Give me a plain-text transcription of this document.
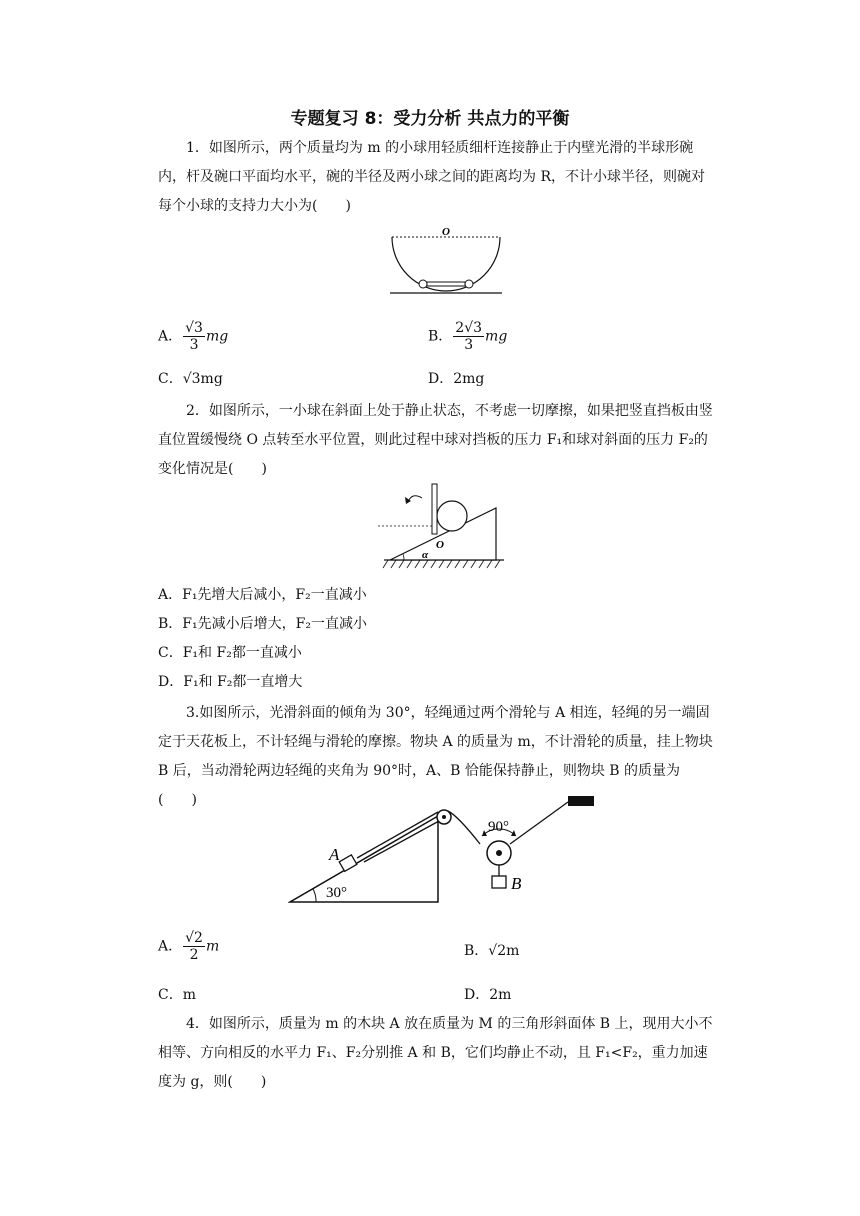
专题复习 8：受力分析 共点力的平衡

1．如图所示，两个质量均为 m 的小球用轻质细杆连接静止于内壁光滑的半球形碗内，杆及碗口平面均水平，碗的半径及两小球之间的距离均为 R，不计小球半径，则碗对每个小球的支持力大小为(　　)

O
A． $\frac{√3}{3}$ mg	B． $\frac{2√3}{3}$ mg
C．√3mg	D．2mg

2．如图所示，一小球在斜面上处于静止状态，不考虑一切摩擦，如果把竖直挡板由竖直位置缓慢绕 O 点转至水平位置，则此过程中球对挡板的压力 F₁和球对斜面的压力 F₂的变化情况是(　　)

O
α
A．F₁先增大后减小，F₂一直减小
B．F₁先减小后增大，F₂一直减小
C．F₁和 F₂都一直减小
D．F₁和 F₂都一直增大

3.如图所示，光滑斜面的倾角为 30°，轻绳通过两个滑轮与 A 相连，轻绳的另一端固定于天花板上，不计轻绳与滑轮的摩擦。物块 A 的质量为 m，不计滑轮的质量，挂上物块 B 后，当动滑轮两边轻绳的夹角为 90°时，A、B 恰能保持静止，则物块 B 的质量为(　　)

A
B
30°
90°
A． $\frac{√2}{2}$ m	B．√2m
C．m	D．2m

4．如图所示，质量为 m 的木块 A 放在质量为 M 的三角形斜面体 B 上，现用大小不相等、方向相反的水平力 F₁、F₂分别推 A 和 B，它们均静止不动，且 F₁<F₂，重力加速度为 g，则(　　)
